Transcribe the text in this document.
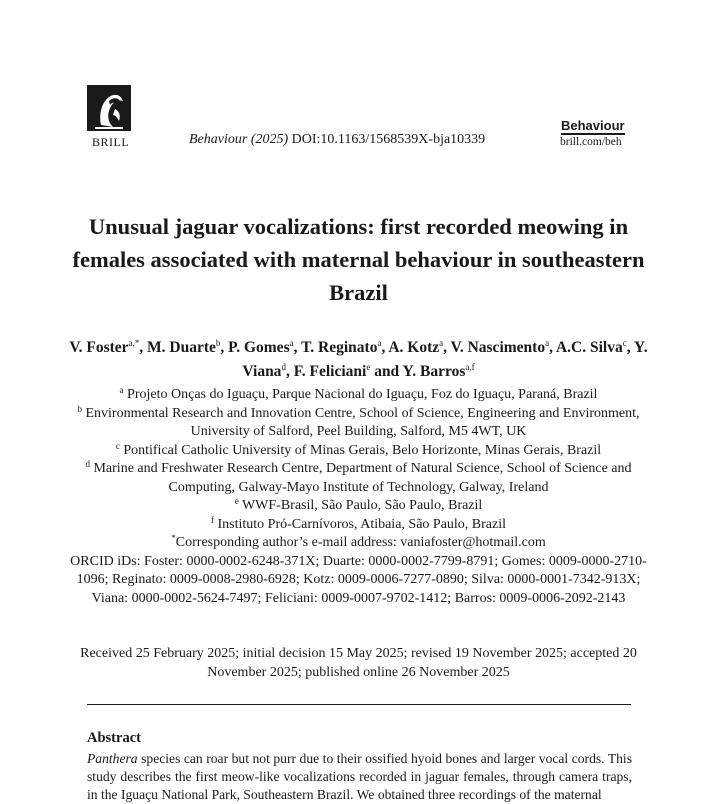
BRILL	Behaviour (2025) DOI:10.1163/1568539X-bja10339
Behaviour
brill.com/beh
Unusual jaguar vocalizations: first recorded meowing in females associated with maternal behaviour in southeastern Brazil
V. Foster$^{a,*}$, M. Duarte$^b$, P. Gomes$^a$, T. Reginato$^a$, A. Kotz$^a$, V. Nascimento$^a$, A.C. Silva$^c$, Y. Viana$^d$, F. Feliciani$^e$ and Y. Barros$^{a,f}$
$^a$ Projeto Onças do Iguaçu, Parque Nacional do Iguaçu, Foz do Iguaçu, Paraná, Brazil
$^b$ Environmental Research and Innovation Centre, School of Science, Engineering and Environment, University of Salford, Peel Building, Salford, M5 4WT, UK
$^c$ Pontifical Catholic University of Minas Gerais, Belo Horizonte, Minas Gerais, Brazil
$^d$ Marine and Freshwater Research Centre, Department of Natural Science, School of Science and Computing, Galway-Mayo Institute of Technology, Galway, Ireland
$^e$ WWF-Brasil, São Paulo, São Paulo, Brazil
$^f$ Instituto Pró-Carnívoros, Atibaia, São Paulo, Brazil
*Corresponding author’s e-mail address: vaniafoster@hotmail.com
ORCID iDs: Foster: 0000-0002-6248-371X; Duarte: 0000-0002-7799-8791; Gomes: 0009-0000-2710-1096; Reginato: 0009-0008-2980-6928; Kotz: 0009-0006-7277-0890; Silva: 0000-0001-7342-913X; Viana: 0000-0002-5624-7497; Feliciani: 0009-0007-9702-1412; Barros: 0009-0006-2092-2143
Received 25 February 2025; initial decision 15 May 2025; revised 19 November 2025; accepted 20 November 2025; published online 26 November 2025
Abstract
Panthera species can roar but not purr due to their ossified hyoid bones and larger vocal cords. This study describes the first meow-like vocalizations recorded in jaguar females, through camera traps, in the Iguaçu National Park, Southeastern Brazil. We obtained three recordings of the maternal
